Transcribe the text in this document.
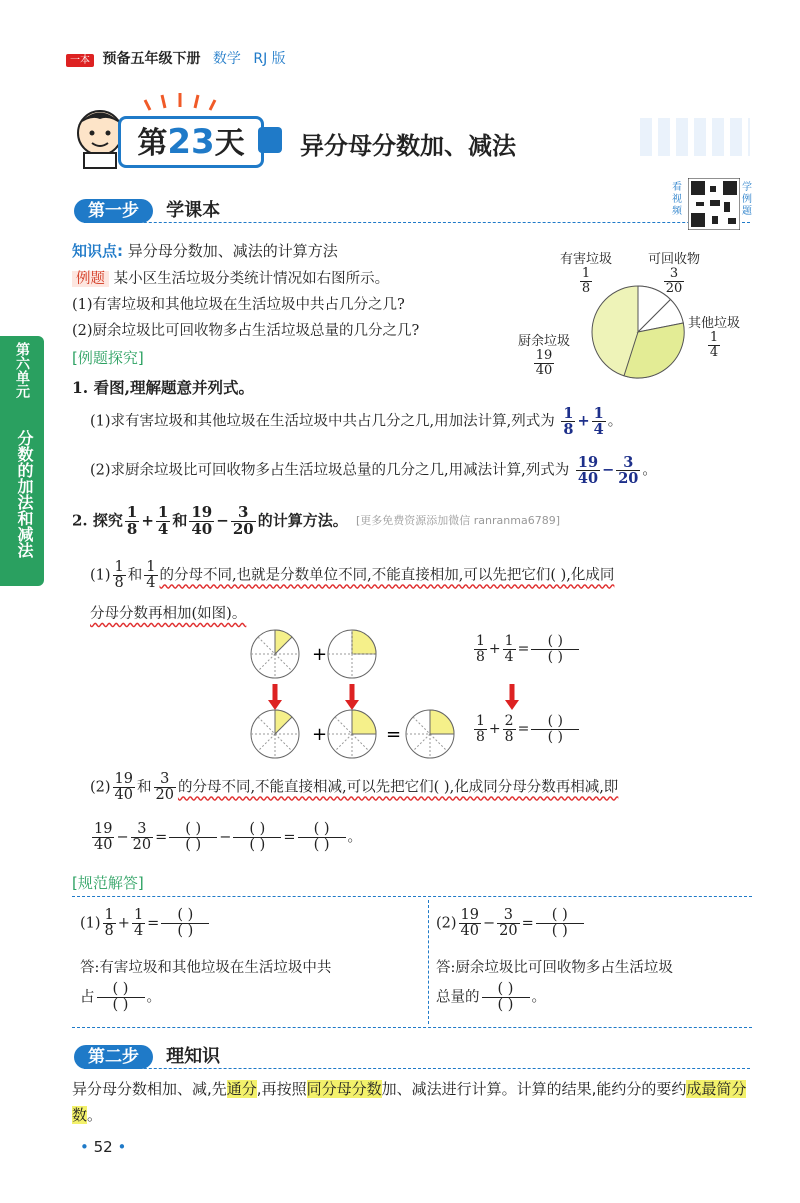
一本 预备五年级下册 数学 RJ 版
第23天	异分母分数加、减法
第一步 学课本
看视频
学例题
知识点: 异分母分数加、减法的计算方法
例题 某小区生活垃圾分类统计情况如右图所示。
(1)有害垃圾和其他垃圾在生活垃圾中共占几分之几?
(2)厨余垃圾比可回收物多占生活垃圾总量的几分之几?
有害垃圾
$\frac{1}{8}$
可回收物
$\frac{3}{20}$
其他垃圾
$\frac{1}{4}$
厨余垃圾
$\frac{19}{40}$
[例题探究]
1. 看图,理解题意并列式。
(1)求有害垃圾和其他垃圾在生活垃圾中共占几分之几,用加法计算,列式为 $\frac{1}{8} + \frac{1}{4}$ 。
(2)求厨余垃圾比可回收物多占生活垃圾总量的几分之几,用减法计算,列式为 $\frac{19}{40} - \frac{3}{20}$ 。
2. 探究 $\frac{1}{8} + \frac{1}{4}$ 和 $\frac{19}{40} - \frac{3}{20}$ 的计算方法。 [更多免费资源添加微信 ranranma6789]
$(1) \frac{1}{8}$ 和 $\frac{1}{4}$ 的分母不同,也就是分数单位不同,不能直接相加,可以先把它们( ),化成同
分母分数再相加(如图)。
+
+	=
$\frac{1}{8} + \frac{1}{4} = \frac{( )}{( )}$
$\frac{1}{8} + \frac{2}{8} = \frac{( )}{( )}$
$(2) \frac{19}{40}$ 和 $\frac{3}{20}$ 的分母不同,不能直接相减,可以先把它们( ),化成同分母分数再相减,即
$\frac{19}{40} - \frac{3}{20} = \frac{( )}{( )} - \frac{( )}{( )} = \frac{( )}{( )}$ 。
[规范解答]
$(1) \frac{1}{8} + \frac{1}{4} = \frac{( )}{( )}$
答:有害垃圾和其他垃圾在生活垃圾中共
占 $\frac{( )}{( )}$ 。
$(2) \frac{19}{40} - \frac{3}{20} = \frac{( )}{( )}$
答:厨余垃圾比可回收物多占生活垃圾
总量的 $\frac{( )}{( )}$ 。
第二步 理知识
异分母分数相加、减,先通分,再按照同分母分数加、减法进行计算。计算的结果,能约分的要约成最简分数。
第六单元
分数的加法和减法
• 52 •
